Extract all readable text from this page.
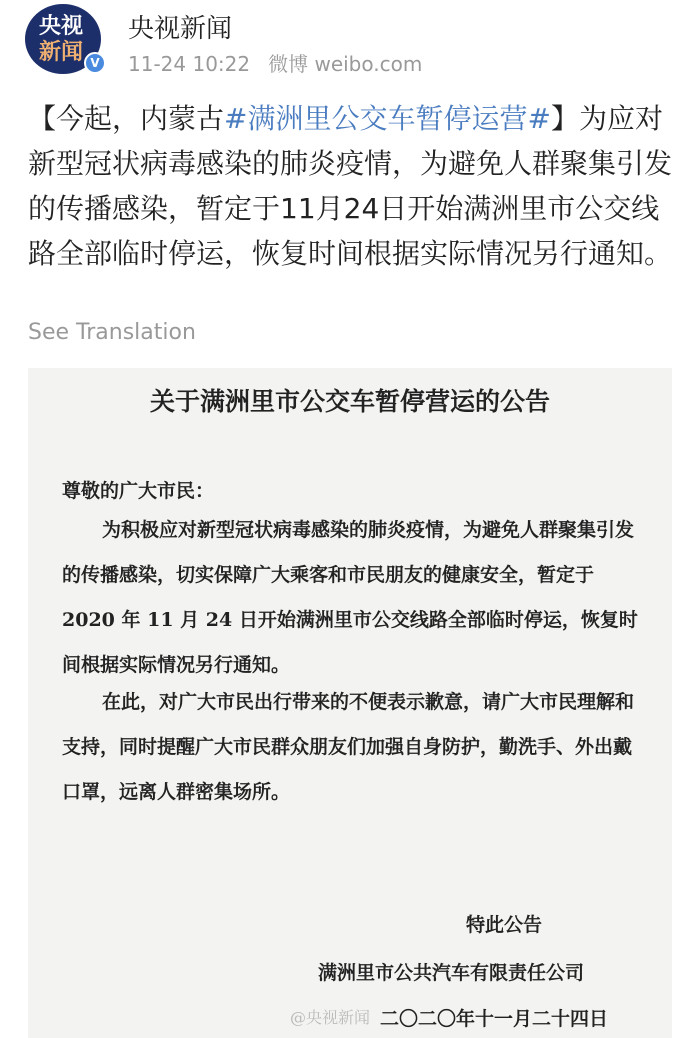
央视
新闻 V
央视新闻
11-24 10:22 微博 weibo.com
【今起，内蒙古#满洲里公交车暂停运营#】为应对新型冠状病毒感染的肺炎疫情，为避免人群聚集引发的传播感染，暂定于11月24日开始满洲里市公交线路全部临时停运，恢复时间根据实际情况另行通知。
See Translation
关于满洲里市公交车暂停营运的公告
尊敬的广大市民：
为积极应对新型冠状病毒感染的肺炎疫情，为避免人群聚集引发的传播感染，切实保障广大乘客和市民朋友的健康安全，暂定于 2020 年 11 月 24 日开始满洲里市公交线路全部临时停运，恢复时间根据实际情况另行通知。
在此，对广大市民出行带来的不便表示歉意，请广大市民理解和支持，同时提醒广大市民群众朋友们加强自身防护，勤洗手、外出戴口罩，远离人群密集场所。
特此公告
满洲里市公共汽车有限责任公司
二〇二〇年十一月二十四日
@央视新闻
